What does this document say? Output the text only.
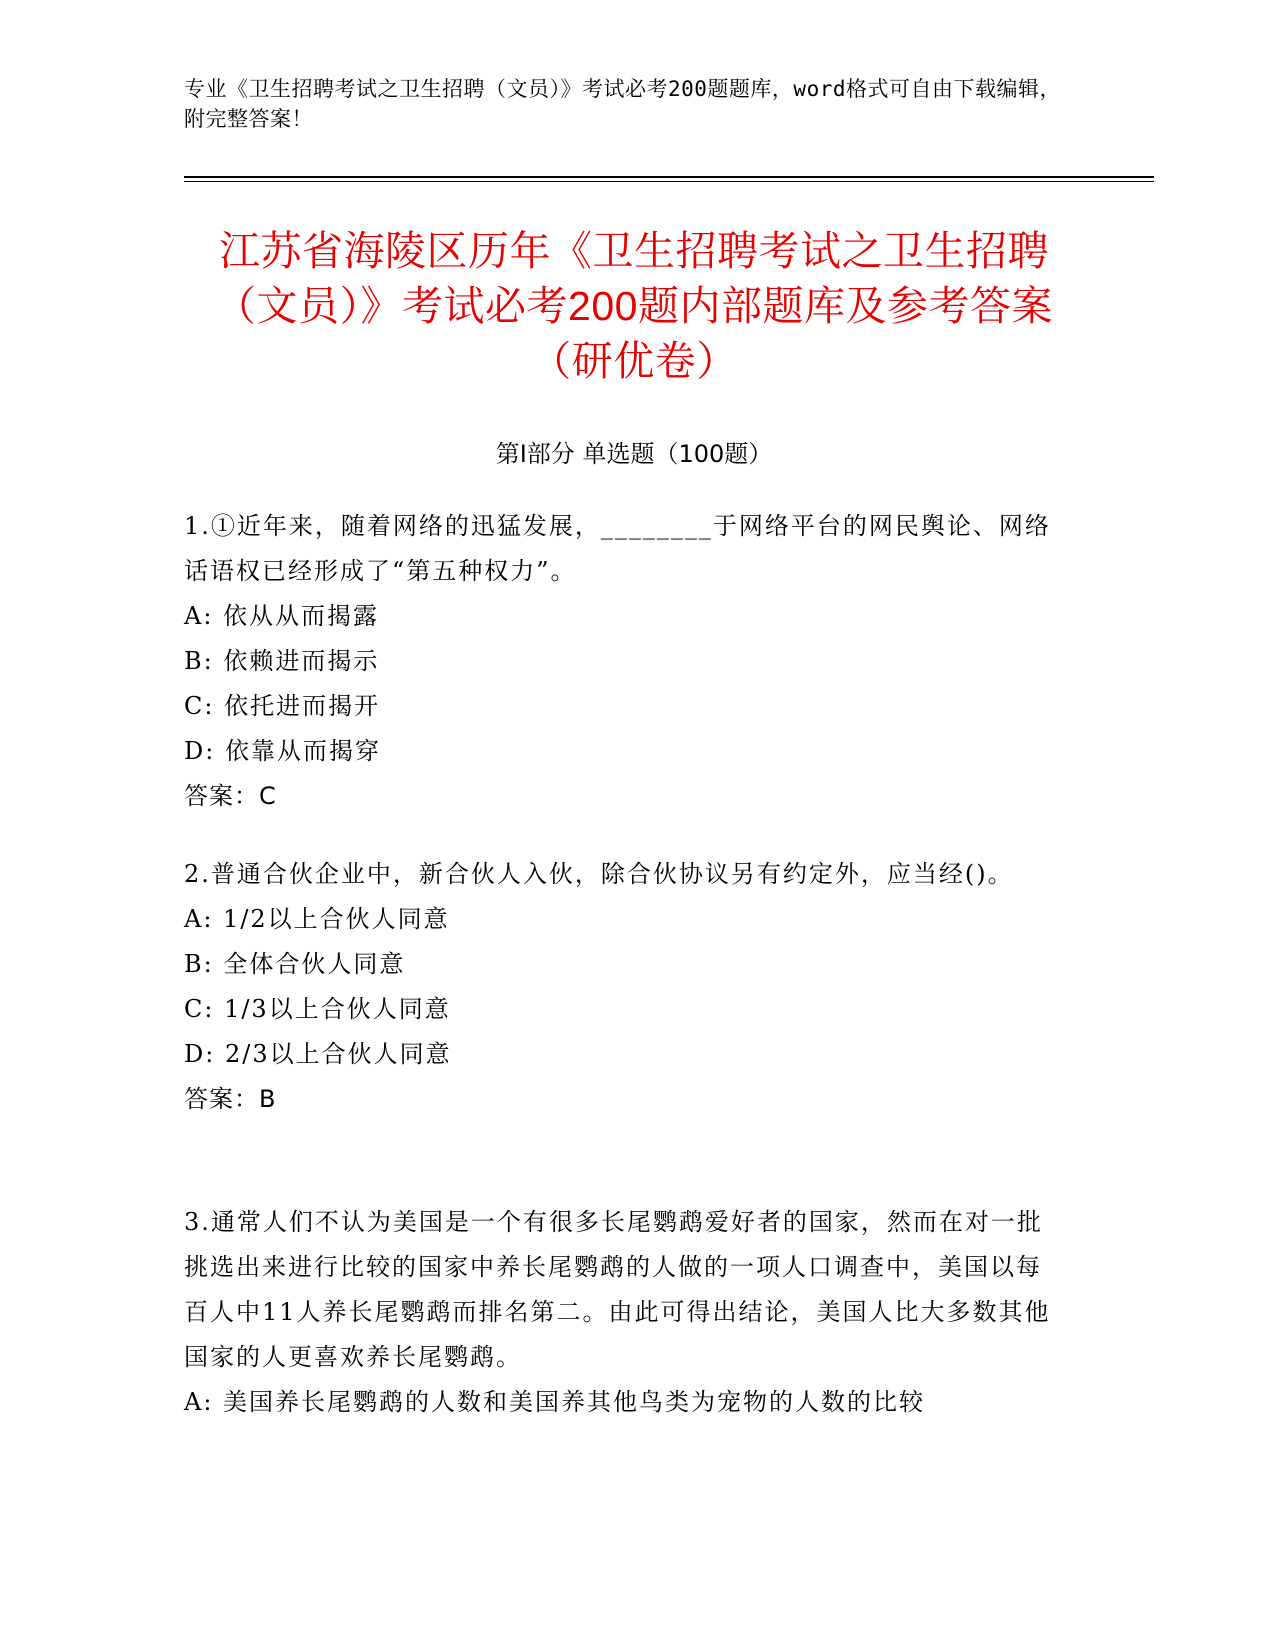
专业《卫生招聘考试之卫生招聘（文员）》考试必考200题题库，word格式可自由下载编辑，附完整答案！
江苏省海陵区历年《卫生招聘考试之卫生招聘（文员）》考试必考200题内部题库及参考答案（研优卷）
第I部分 单选题（100题）
1.①近年来，随着网络的迅猛发展，________于网络平台的网民舆论、网络话语权已经形成了“第五种权力”。
A: 依从从而揭露
B: 依赖进而揭示
C: 依托进而揭开
D: 依靠从而揭穿
答案：C
2.普通合伙企业中，新合伙人入伙，除合伙协议另有约定外，应当经()。
A: 1/2以上合伙人同意
B: 全体合伙人同意
C: 1/3以上合伙人同意
D: 2/3以上合伙人同意
答案：B
3.通常人们不认为美国是一个有很多长尾鹦鹉爱好者的国家，然而在对一批挑选出来进行比较的国家中养长尾鹦鹉的人做的一项人口调查中，美国以每百人中11人养长尾鹦鹉而排名第二。由此可得出结论，美国人比大多数其他国家的人更喜欢养长尾鹦鹉。
A: 美国养长尾鹦鹉的人数和美国养其他鸟类为宠物的人数的比较
